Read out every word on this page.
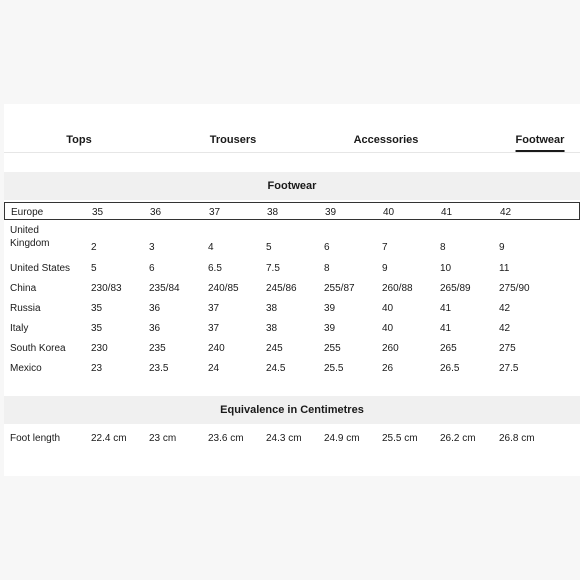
Tops	Trousers	Accessories	Footwear
Footwear
Europe	35	36	37	38	39	40	41	42
United Kingdom	2	3	4	5	6	7	8	9
United States 5	6	6.5	7.5	8	9	10	11
China	230/83	235/84	240/85	245/86	255/87	260/88	265/89	275/90
Russia	35	36	37	38	39	40	41	42
Italy	35	36	37	38	39	40	41	42
South Korea	230	235	240	245	255	260	265	275
Mexico	23	23.5	24	24.5	25.5	26	26.5	27.5
Equivalence in Centimetres
Foot length	22.4 cm 23 cm	23.6 cm 24.3 cm 24.9 cm 25.5 cm 26.2 cm 26.8 cm
